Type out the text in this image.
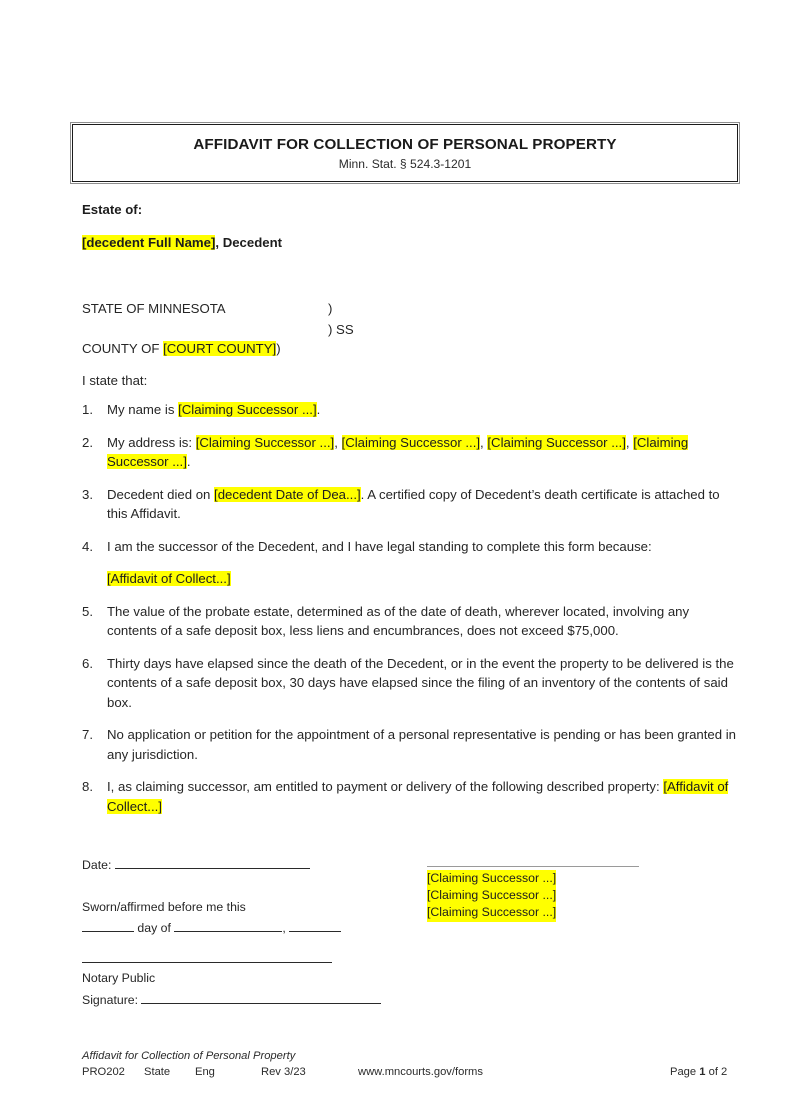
AFFIDAVIT FOR COLLECTION OF PERSONAL PROPERTY
Minn. Stat. § 524.3-1201
Estate of:
[decedent Full Name], Decedent
STATE OF MINNESOTA	)
) SS
COUNTY OF [COURT COUNTY])
I state that:
1.	My name is [Claiming Successor ...].
2.	My address is: [Claiming Successor ...], [Claiming Successor ...], [Claiming Successor ...], [Claiming Successor ...].
3.	Decedent died on [decedent Date of Dea...]. A certified copy of Decedent’s death certificate is attached to this Affidavit.
4.	I am the successor of the Decedent, and I have legal standing to complete this form because:
[Affidavit of Collect...]
5.	The value of the probate estate, determined as of the date of death, wherever located, involving any contents of a safe deposit box, less liens and encumbrances, does not exceed $75,000.
6.	Thirty days have elapsed since the death of the Decedent, or in the event the property to be delivered is the contents of a safe deposit box, 30 days have elapsed since the filing of an inventory of the contents of said box.
7.	No application or petition for the appointment of a personal representative is pending or has been granted in any jurisdiction.
8.	I, as claiming successor, am entitled to payment or delivery of the following described property: [Affidavit of Collect...]
Date:
Sworn/affirmed before me this
day of	,
Notary Public
Signature:
[Claiming Successor ...]
[Claiming Successor ...]
[Claiming Successor ...]
Affidavit for Collection of Personal Property
PRO202 State Eng	Rev 3/23	www.mncourts.gov/forms	Page 1 of 2
